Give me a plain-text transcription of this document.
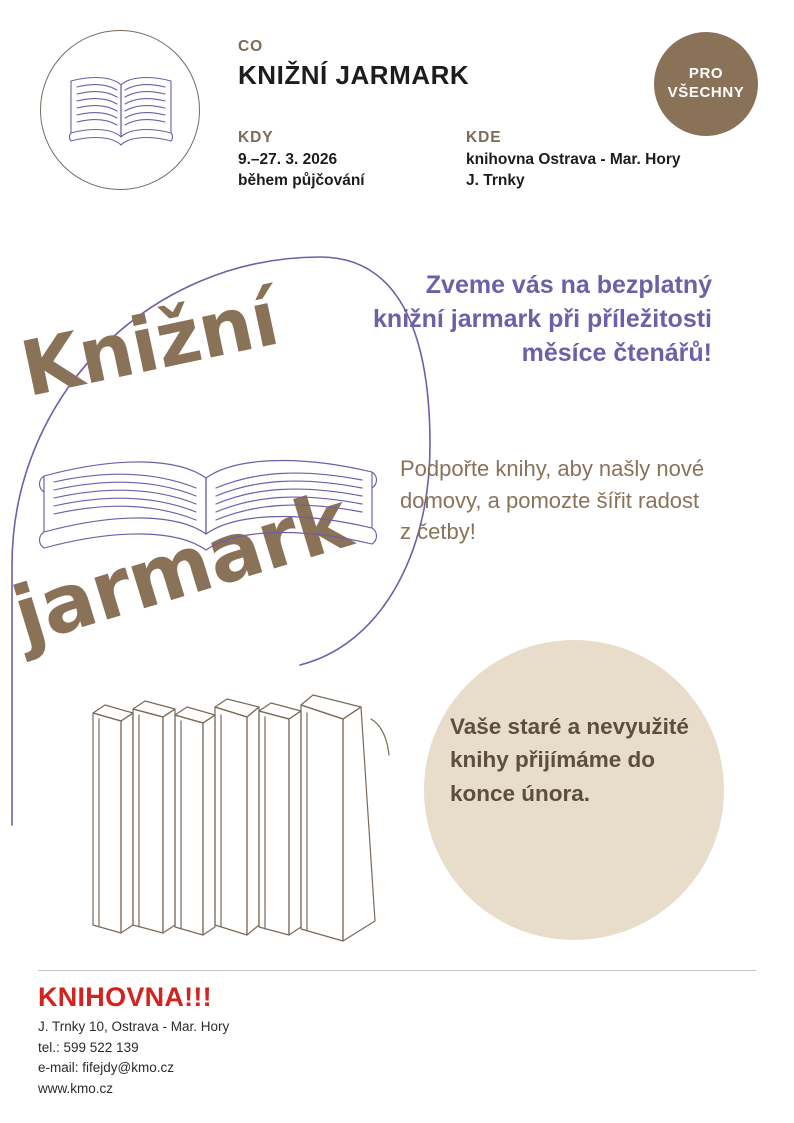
CO
KNIŽNÍ JARMARK
KDY
9.–27. 3. 2026
během půjčování
KDE
knihovna Ostrava - Mar. Hory
J. Trnky
PRO
VŠECHNY
Knižní
jarmark
Zveme vás na bezplatný knižní jarmark při příležitosti měsíce čtenářů!
Podpořte knihy, aby našly nové domovy, a pomozte šířit radost z četby!
Vaše staré a nevyužité knihy přijímáme do konce února.
KNIHOVNA!!!
J. Trnky 10, Ostrava - Mar. Hory
tel.: 599 522 139
e-mail: fifejdy@kmo.cz
www.kmo.cz
